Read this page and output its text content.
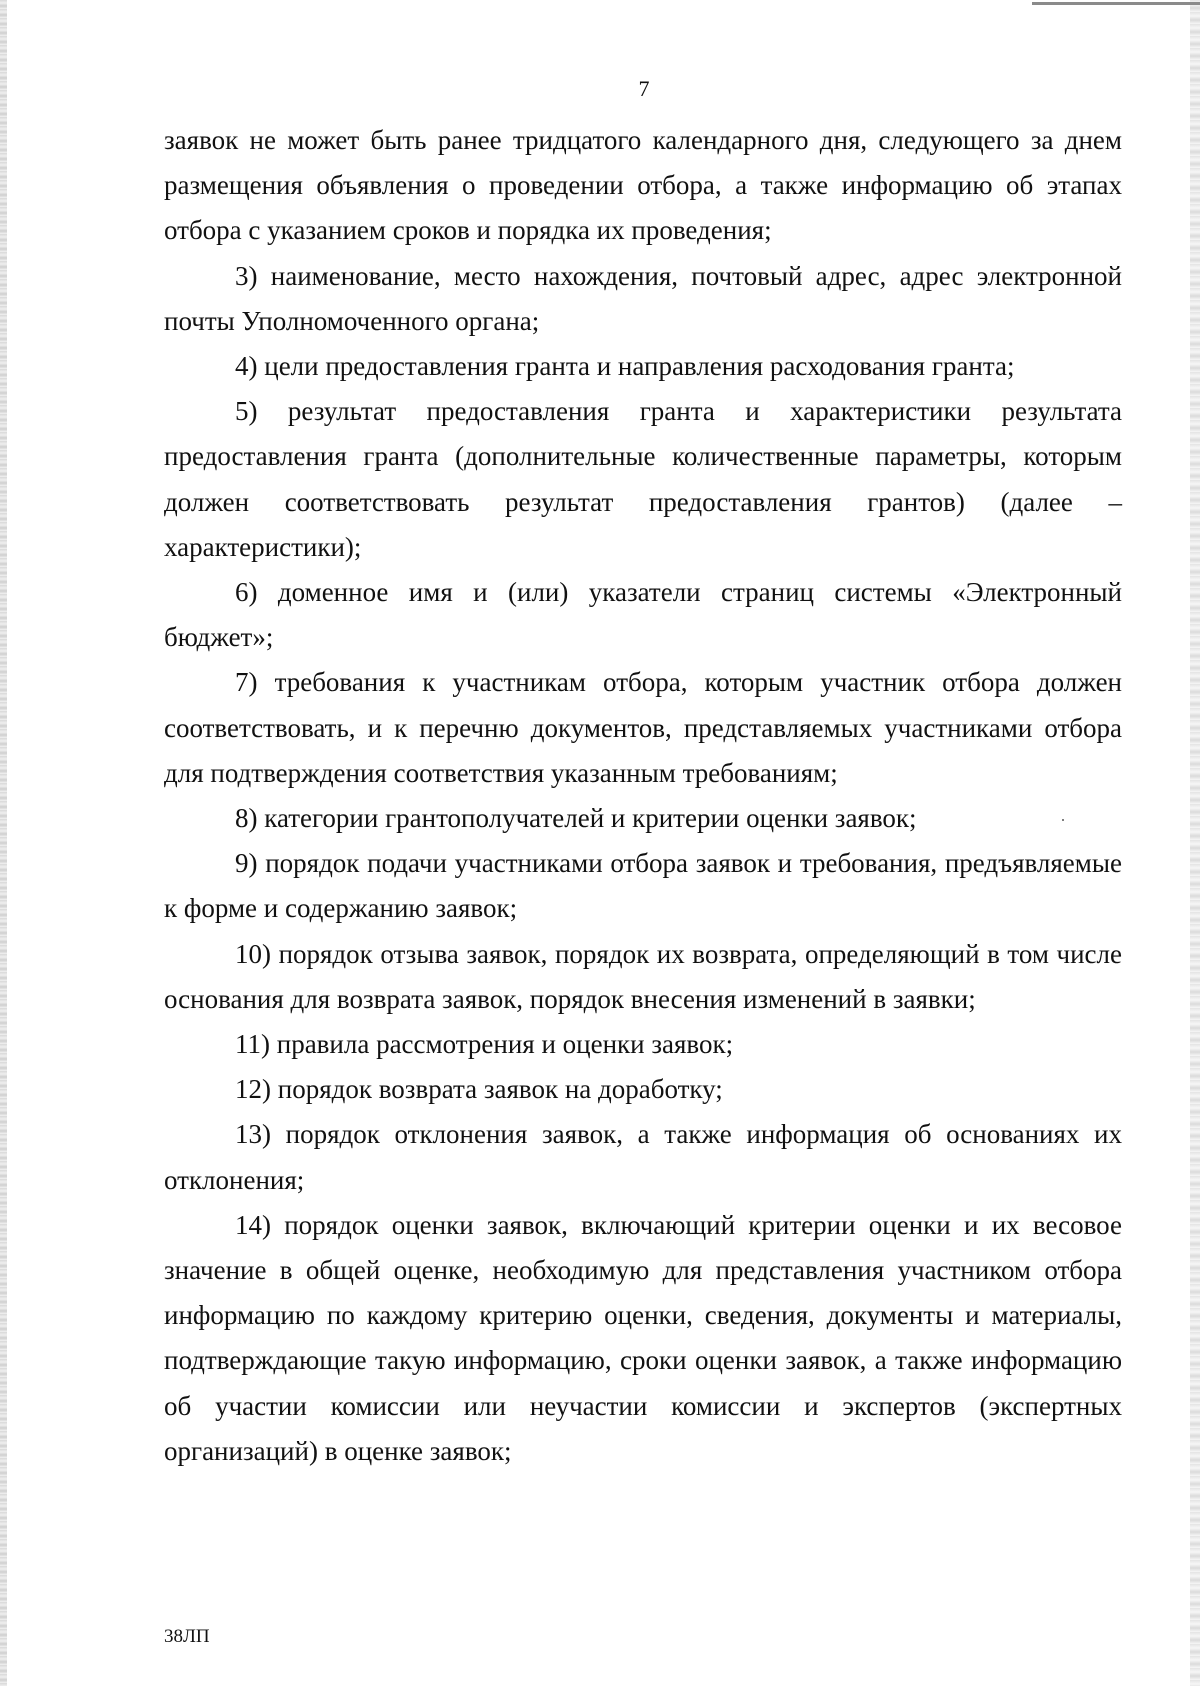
7

заявок не может быть ранее тридцатого календарного дня, следующего за днем размещения объявления о проведении отбора, а также информацию об этапах отбора с указанием сроков и порядка их проведения;

3) наименование, место нахождения, почтовый адрес, адрес электронной почты Уполномоченного органа;

4) цели предоставления гранта и направления расходования гранта;

5) результат предоставления гранта и характеристики результата предоставления гранта (дополнительные количественные параметры, которым должен соответствовать результат предоставления грантов) (далее – характеристики);

6) доменное имя и (или) указатели страниц системы «Электронный бюджет»;

7) требования к участникам отбора, которым участник отбора должен соответствовать, и к перечню документов, представляемых участниками отбора для подтверждения соответствия указанным требованиям;

8) категории грантополучателей и критерии оценки заявок;

9) порядок подачи участниками отбора заявок и требования, предъявляемые к форме и содержанию заявок;

10) порядок отзыва заявок, порядок их возврата, определяющий в том числе основания для возврата заявок, порядок внесения изменений в заявки;

11) правила рассмотрения и оценки заявок;

12) порядок возврата заявок на доработку;

13) порядок отклонения заявок, а также информация об основаниях их отклонения;

14) порядок оценки заявок, включающий критерии оценки и их весовое значение в общей оценке, необходимую для представления участником отбора информацию по каждому критерию оценки, сведения, документы и материалы, подтверждающие такую информацию, сроки оценки заявок, а также информацию об участии комиссии или неучастии комиссии и экспертов (экспертных организаций) в оценке заявок;

38ЛП
